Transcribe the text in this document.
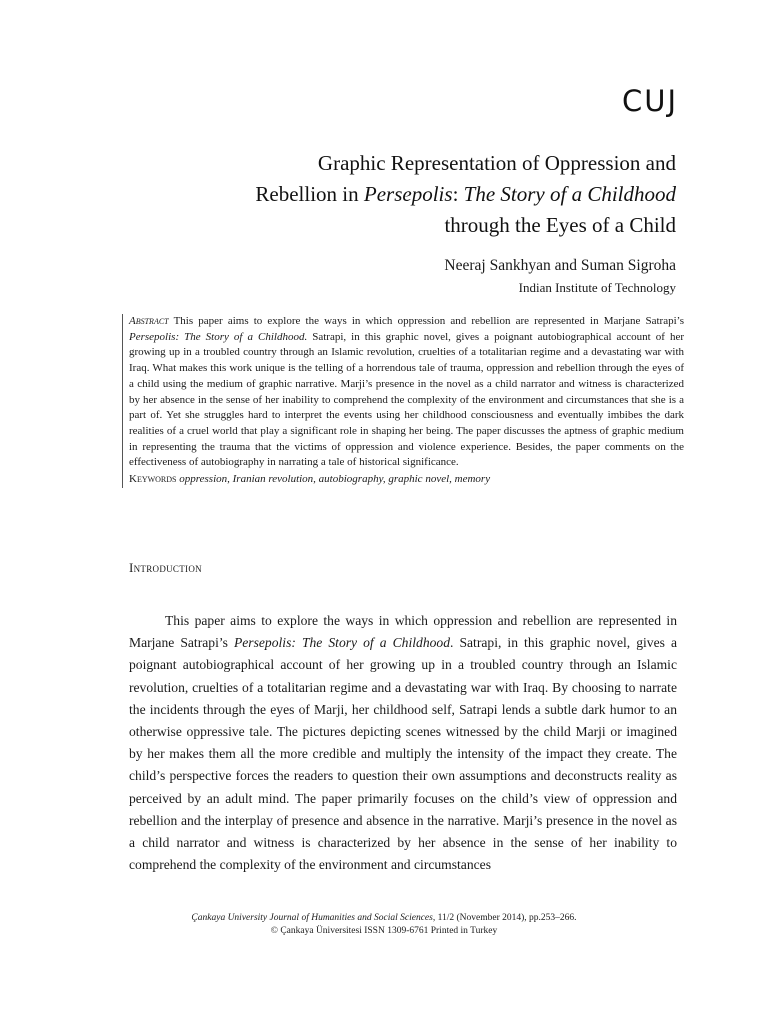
CUJ
Graphic Representation of Oppression and
Rebellion in Persepolis: The Story of a Childhood
through the Eyes of a Child
Neeraj Sankhyan and Suman Sigroha
Indian Institute of Technology
Abstract This paper aims to explore the ways in which oppression and rebellion are represented in Marjane Satrapi’s Persepolis: The Story of a Childhood. Satrapi, in this graphic novel, gives a poignant autobiographical account of her growing up in a troubled country through an Islamic revolution, cruelties of a totalitarian regime and a devastating war with Iraq. What makes this work unique is the telling of a horrendous tale of trauma, oppression and rebellion through the eyes of a child using the medium of graphic narrative. Marji’s presence in the novel as a child narrator and witness is characterized by her absence in the sense of her inability to comprehend the complexity of the environment and circumstances that she is a part of. Yet she struggles hard to interpret the events using her childhood consciousness and eventually imbibes the dark realities of a cruel world that play a significant role in shaping her being. The paper discusses the aptness of graphic medium in representing the trauma that the victims of oppression and violence experience. Besides, the paper comments on the effectiveness of autobiography in narrating a tale of historical significance.
Keywords oppression, Iranian revolution, autobiography, graphic novel, memory
Introduction

This paper aims to explore the ways in which oppression and rebellion are represented in Marjane Satrapi’s Persepolis: The Story of a Childhood. Satrapi, in this graphic novel, gives a poignant autobiographical account of her growing up in a troubled country through an Islamic revolution, cruelties of a totalitarian regime and a devastating war with Iraq. By choosing to narrate the incidents through the eyes of Marji, her childhood self, Satrapi lends a subtle dark humor to an otherwise oppressive tale. The pictures depicting scenes witnessed by the child Marji or imagined by her makes them all the more credible and multiply the intensity of the impact they create. The child’s perspective forces the readers to question their own assumptions and deconstructs reality as perceived by an adult mind. The paper primarily focuses on the child’s view of oppression and rebellion and the interplay of presence and absence in the narrative. Marji’s presence in the novel as a child narrator and witness is characterized by her absence in the sense of her inability to comprehend the complexity of the environment and circumstances

Çankaya University Journal of Humanities and Social Sciences, 11/2 (November 2014), pp.253–266.
© Çankaya Üniversitesi ISSN 1309-6761 Printed in Turkey
